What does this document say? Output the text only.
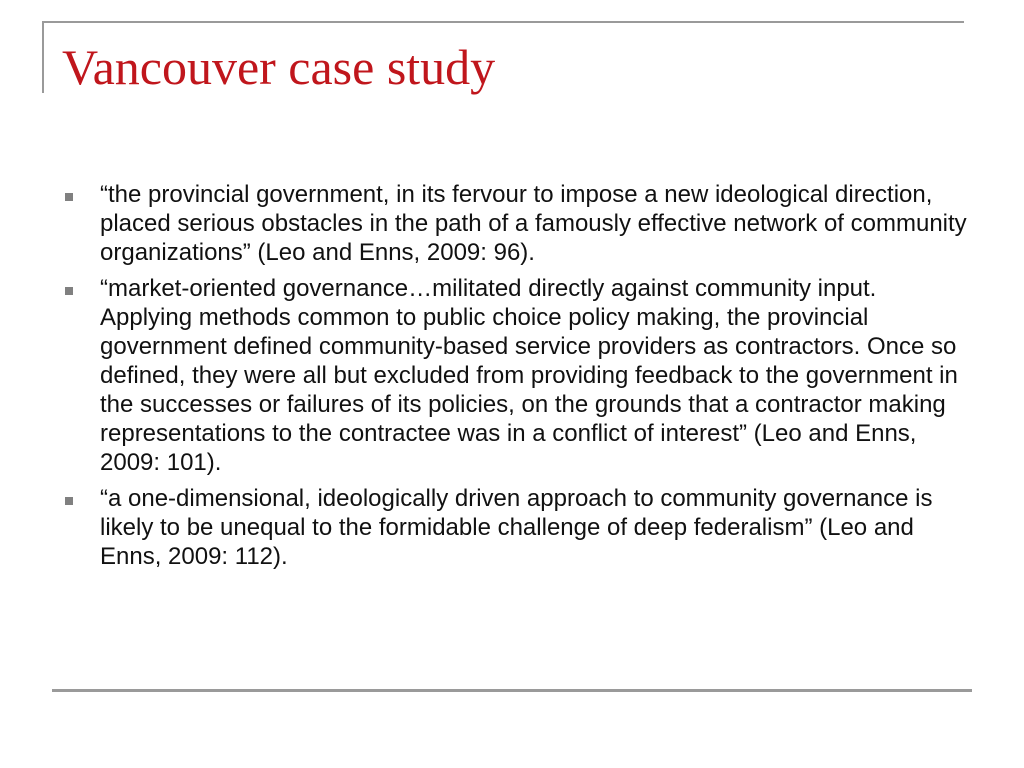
Vancouver case study
“the provincial government, in its fervour to impose a new ideological direction, placed serious obstacles in the path of a famously effective network of community organizations” (Leo and Enns, 2009: 96).
“market-oriented governance…militated directly against community input. Applying methods common to public choice policy making, the provincial government defined community-based service providers as contractors. Once so defined, they were all but excluded from providing feedback to the government in the successes or failures of its policies, on the grounds that a contractor making representations to the contractee was in a conflict of interest” (Leo and Enns, 2009: 101).
“a one-dimensional, ideologically driven approach to community governance is likely to be unequal to the formidable challenge of deep federalism” (Leo and Enns, 2009: 112).
